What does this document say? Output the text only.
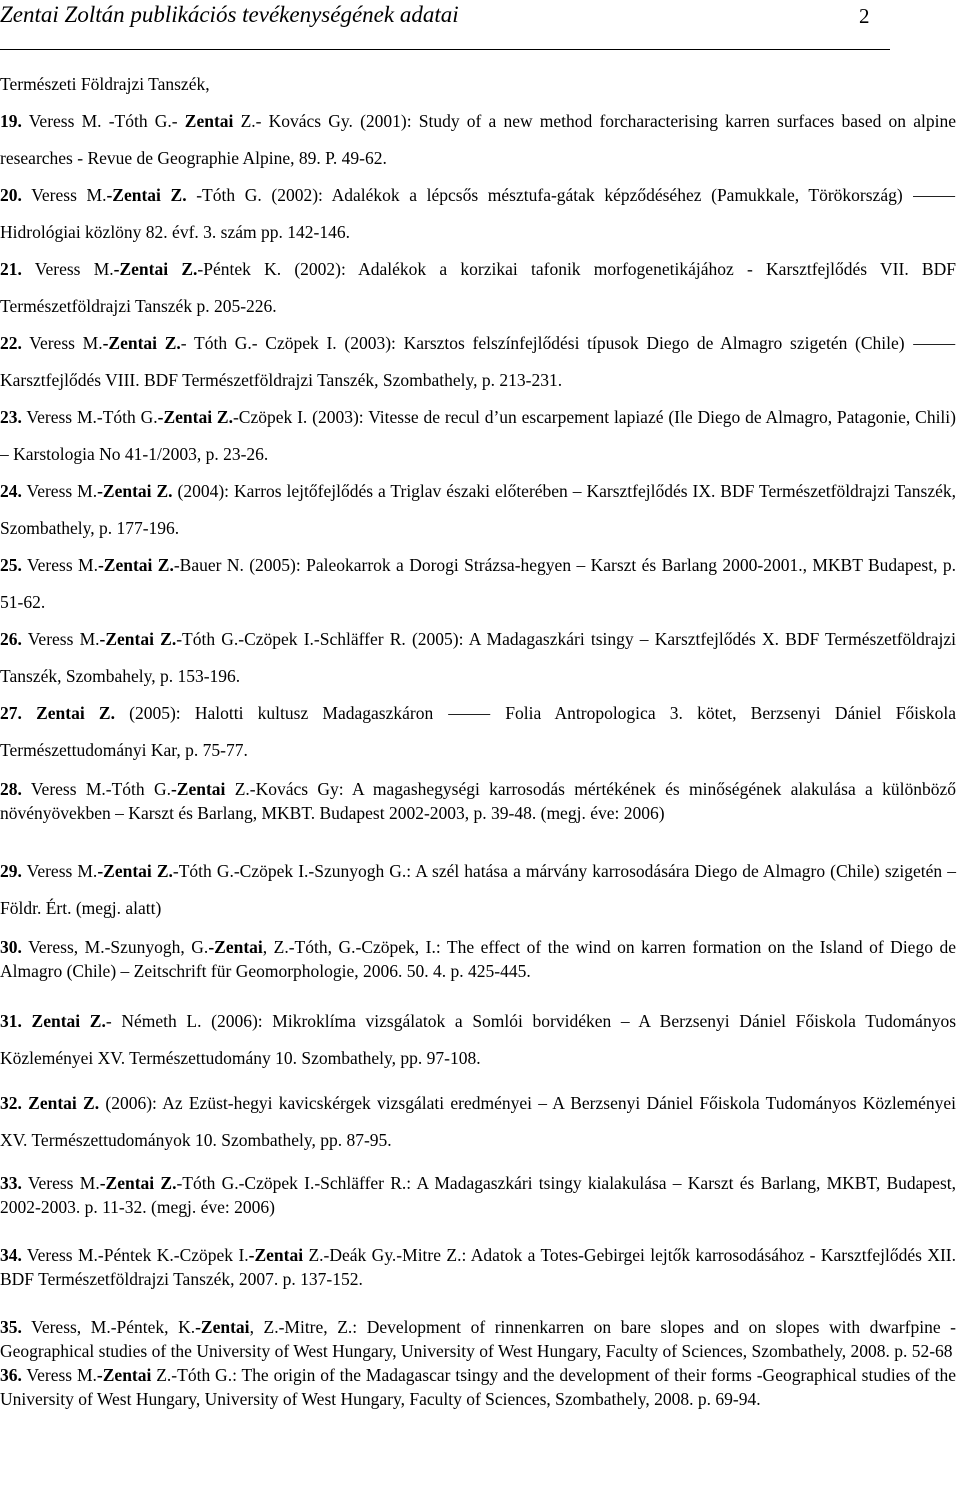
Zentai Zoltán publikációs tevékenységének adatai	2

Természeti Földrajzi Tanszék,

19. Veress M. -Tóth G.- Zentai Z.- Kovács Gy. (2001): Study of a new method forcharacterising karren surfaces based on alpine researches - Revue de Geographie Alpine, 89. P. 49-62.

20. Veress M.-Zentai Z. -Tóth G. (2002): Adalékok a lépcsős mésztufa-gátak képződéséhez (Pamukkale, Törökország) ⸻ Hidrológiai közlöny 82. évf. 3. szám pp. 142-146.

21. Veress M.-Zentai Z.-Péntek K. (2002): Adalékok a korzikai tafonik morfogenetikájához - Karsztfejlődés VII. BDF Természetföldrajzi Tanszék p. 205-226.

22. Veress M.-Zentai Z.- Tóth G.- Czöpek I. (2003): Karsztos felszínfejlődési típusok Diego de Almagro szigetén (Chile) ⸻ Karsztfejlődés VIII. BDF Természetföldrajzi Tanszék, Szombathely, p. 213-231.

23. Veress M.-Tóth G.-Zentai Z.-Czöpek I. (2003): Vitesse de recul d’un escarpement lapiazé (Ile Diego de Almagro, Patagonie, Chili) – Karstologia No 41-1/2003, p. 23-26.

24. Veress M.-Zentai Z. (2004): Karros lejtőfejlődés a Triglav északi előterében – Karsztfejlődés IX. BDF Természetföldrajzi Tanszék, Szombathely, p. 177-196.

25. Veress M.-Zentai Z.-Bauer N. (2005): Paleokarrok a Dorogi Strázsa-hegyen – Karszt és Barlang 2000-2001., MKBT Budapest, p. 51-62.

26. Veress M.-Zentai Z.-Tóth G.-Czöpek I.-Schläffer R. (2005): A Madagaszkári tsingy – Karsztfejlődés X. BDF Természetföldrajzi Tanszék, Szombahely, p. 153-196.

27. Zentai Z. (2005): Halotti kultusz Madagaszkáron ⸻ Folia Antropologica 3. kötet, Berzsenyi Dániel Főiskola Természettudományi Kar, p. 75-77.

28. Veress M.-Tóth G.-Zentai Z.-Kovács Gy: A magashegységi karrosodás mértékének és minőségének alakulása a különböző növényövekben – Karszt és Barlang, MKBT. Budapest 2002-2003, p. 39-48. (megj. éve: 2006)

29. Veress M.-Zentai Z.-Tóth G.-Czöpek I.-Szunyogh G.: A szél hatása a márvány karrosodására Diego de Almagro (Chile) szigetén – Földr. Ért. (megj. alatt)

30. Veress, M.-Szunyogh, G.-Zentai, Z.-Tóth, G.-Czöpek, I.: The effect of the wind on karren formation on the Island of Diego de Almagro (Chile) – Zeitschrift für Geomorphologie, 2006. 50. 4. p. 425-445.

31. Zentai Z.- Németh L. (2006): Mikroklíma vizsgálatok a Somlói borvidéken – A Berzsenyi Dániel Főiskola Tudományos Közleményei XV. Természettudomány 10. Szombathely, pp. 97-108.

32. Zentai Z. (2006): Az Ezüst-hegyi kavicskérgek vizsgálati eredményei – A Berzsenyi Dániel Főiskola Tudományos Közleményei XV. Természettudományok 10. Szombathely, pp. 87-95.

33. Veress M.-Zentai Z.-Tóth G.-Czöpek I.-Schläffer R.: A Madagaszkári tsingy kialakulása – Karszt és Barlang, MKBT, Budapest, 2002-2003. p. 11-32. (megj. éve: 2006)

34. Veress M.-Péntek K.-Czöpek I.-Zentai Z.-Deák Gy.-Mitre Z.: Adatok a Totes-Gebirgei lejtők karrosodásához - Karsztfejlődés XII. BDF Természetföldrajzi Tanszék, 2007. p. 137-152.

35. Veress, M.-Péntek, K.-Zentai, Z.-Mitre, Z.: Development of rinnenkarren on bare slopes and on slopes with dwarfpine - Geographical studies of the University of West Hungary, University of West Hungary, Faculty of Sciences, Szombathely, 2008. p. 52-68

36. Veress M.-Zentai Z.-Tóth G.: The origin of the Madagascar tsingy and the development of their forms -Geographical studies of the University of West Hungary, University of West Hungary, Faculty of Sciences, Szombathely, 2008. p. 69-94.
